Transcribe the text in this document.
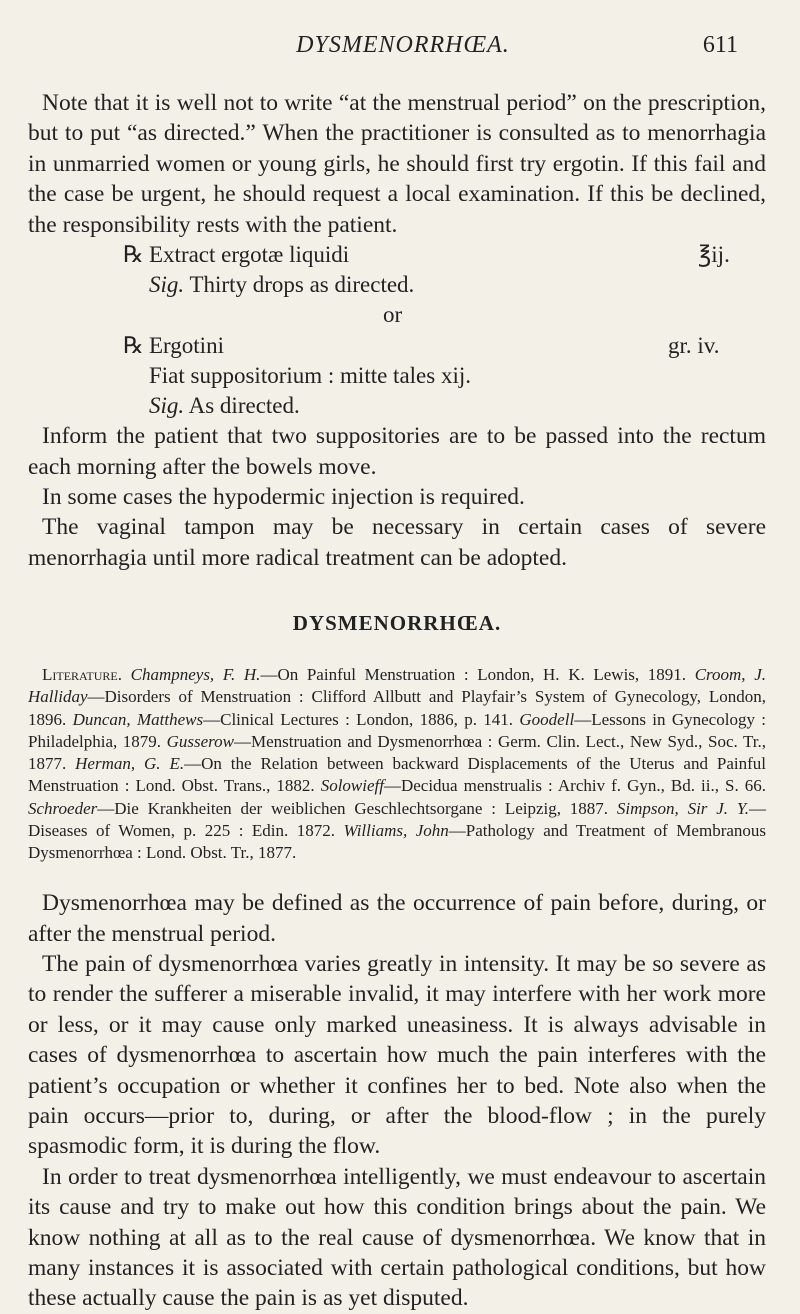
DYSMENORRHŒA.	611

Note that it is well not to write “at the menstrual period” on the prescription, but to put “as directed.” When the practitioner is consulted as to menorrhagia in unmarried women or young girls, he should first try ergotin. If this fail and the case be urgent, he should request a local examination. If this be declined, the responsibility rests with the patient.

℞ Extract ergotæ liquidi	℥ij.
Sig. Thirty drops as directed.
or
℞ Ergotini	gr. iv.
Fiat suppositorium : mitte tales xij.
Sig. As directed.

Inform the patient that two suppositories are to be passed into the rectum each morning after the bowels move.

In some cases the hypodermic injection is required.

The vaginal tampon may be necessary in certain cases of severe menorrhagia until more radical treatment can be adopted.

DYSMENORRHŒA.
Literature. Champneys, F. H.—On Painful Menstruation : London, H. K. Lewis, 1891. Croom, J. Halliday—Disorders of Menstruation : Clifford Allbutt and Playfair’s System of Gynecology, London, 1896. Duncan, Matthews—Clinical Lectures : London, 1886, p. 141. Goodell—Lessons in Gynecology : Philadelphia, 1879. Gusserow—Menstruation and Dysmenorrhœa : Germ. Clin. Lect., New Syd., Soc. Tr., 1877. Herman, G. E.—On the Relation between backward Displacements of the Uterus and Painful Menstruation : Lond. Obst. Trans., 1882. Solowieff—Decidua menstrualis : Archiv f. Gyn., Bd. ii., S. 66. Schroeder—Die Krankheiten der weiblichen Geschlechtsorgane : Leipzig, 1887. Simpson, Sir J. Y.—Diseases of Women, p. 225 : Edin. 1872. Williams, John—Pathology and Treatment of Membranous Dysmenorrhœa : Lond. Obst. Tr., 1877.

Dysmenorrhœa may be defined as the occurrence of pain before, during, or after the menstrual period.

The pain of dysmenorrhœa varies greatly in intensity. It may be so severe as to render the sufferer a miserable invalid, it may interfere with her work more or less, or it may cause only marked uneasiness. It is always advisable in cases of dysmenorrhœa to ascertain how much the pain interferes with the patient’s occupation or whether it confines her to bed. Note also when the pain occurs—prior to, during, or after the blood-flow ; in the purely spasmodic form, it is during the flow.

In order to treat dysmenorrhœa intelligently, we must endeavour to ascertain its cause and try to make out how this condition brings about the pain. We know nothing at all as to the real cause of dysmenorrhœa. We know that in many instances it is associated with certain pathological conditions, but how these actually cause the pain is as yet disputed.
